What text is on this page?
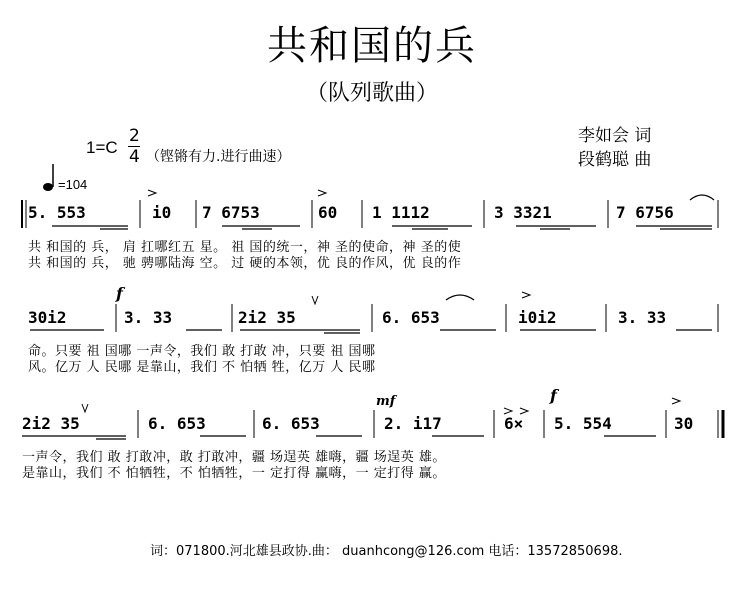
共和国的兵
（队列歌曲）
1=C
2
4 （铿锵有力.进行曲速）
=104
李如会 词
段鹤聪 曲
5. 553	i0 7 6753	60 1 1112	3 3321	7 6756
共 和国的 兵， 肩 扛哪红五 星。 祖 国的统一，神 圣的使命，神 圣的使
共 和国的 兵， 驰 骋哪陆海 空。 过 硬的本领，优 良的作风，优 良的作
f
30i2	3. 33	2i2 35	6. 653	i0i2	3. 33
命。只要 祖 国哪 一声令，我们 敢 打敢 冲，只要 祖 国哪
风。亿万 人 民哪 是靠山，我们 不 怕牺 牲，亿万 人 民哪
mf	f
2i2 35	6. 653	6. 653	2. i17	6× 5. 554	30
一声令，我们 敢 打敢冲，敢 打敢冲，疆 场逞英 雄嗨，疆 场逞英 雄。
是靠山，我们 不 怕牺牲，不 怕牺牲，一 定打得 赢嗨，一 定打得 赢。
词：071800.河北雄县政协.曲： duanhcong@126.com 电话：13572850698.
